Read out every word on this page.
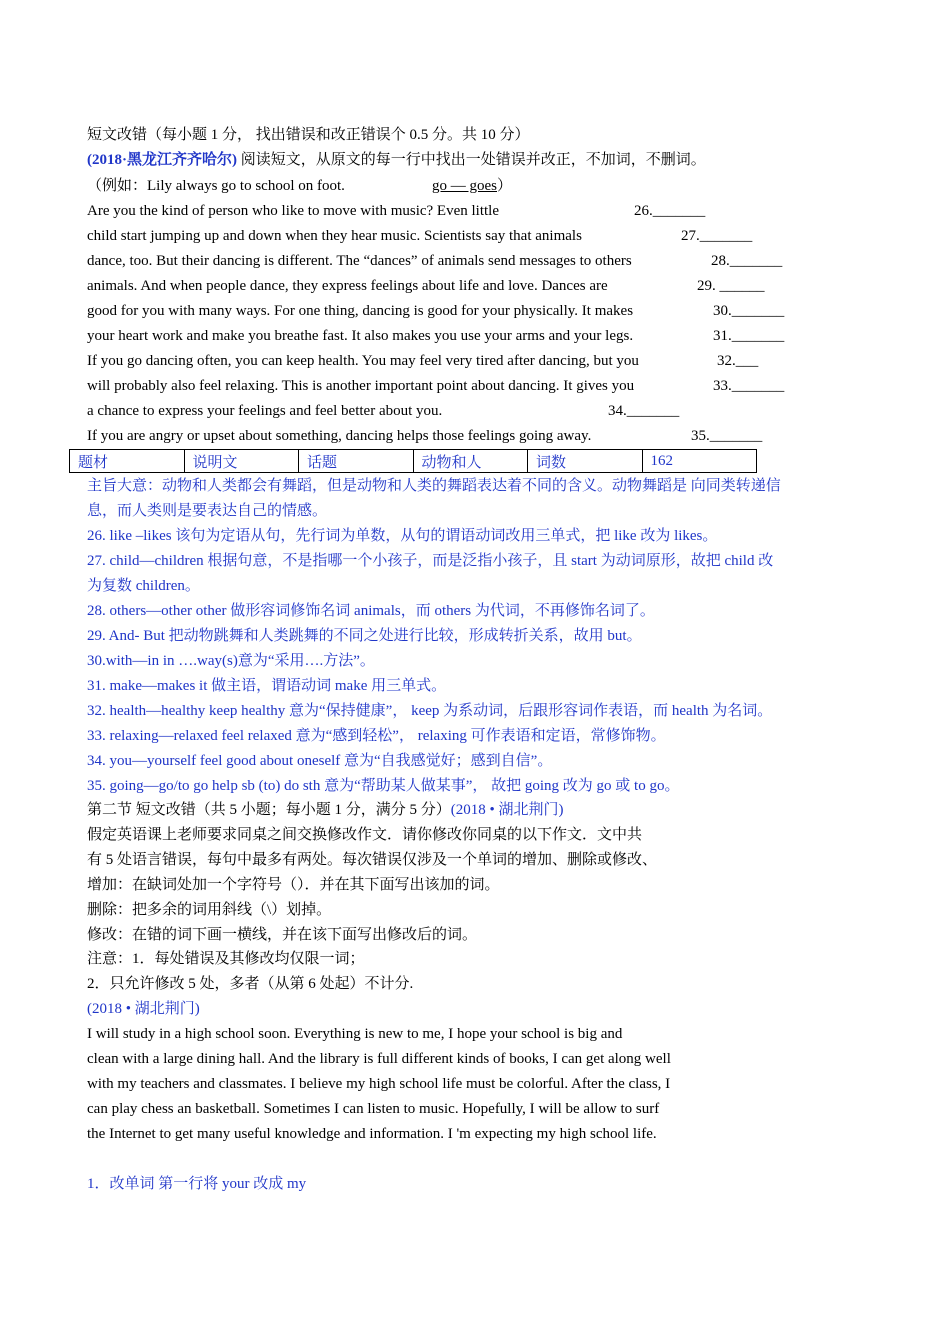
短文改错（每小题 1 分， 找出错误和改正错误个 0.5 分。共 10 分）
(2018·黑龙江齐齐哈尔) 阅读短文，从原文的每一行中找出一处错误并改正，不加词，不删词。
（例如：Lily always go to school on foot.	go — goes）
Are you the kind of person who like to move with music? Even little	26._______
child start jumping up and down when they hear music. Scientists say that animals	27._______
dance, too. But their dancing is different. The “dances” of animals send messages to others	28._______
animals. And when people dance, they express feelings about life and love. Dances are	29. ______
good for you with many ways. For one thing, dancing is good for your physically. It makes	30._______
your heart work and make you breathe fast. It also makes you use your arms and your legs.	31._______
If you go dancing often, you can keep health. You may feel very tired after dancing, but you	32.___
will probably also feel relaxing. This is another important point about dancing. It gives you	33._______
a chance to express your feelings and feel better about you.	34._______
If you are angry or upset about something, dancing helps those feelings going away.	35._______
题材	说明文	话题	动物和人	词数	162
主旨大意：动物和人类都会有舞蹈，但是动物和人类的舞蹈表达着不同的含义。动物舞蹈是 向同类转递信
息，而人类则是要表达自己的情感。
26. like –likes 该句为定语从句，先行词为单数，从句的谓语动词改用三单式，把 like 改为 likes。
27. child—children 根据句意，不是指哪一个小孩子，而是泛指小孩子，且 start 为动词原形，故把 child 改
为复数 children。
28. others—other other 做形容词修饰名词 animals，而 others 为代词，不再修饰名词了。
29. And- But 把动物跳舞和人类跳舞的不同之处进行比较，形成转折关系，故用 but。
30.with—in in ….way(s)意为“采用….方法”。
31. make—makes it 做主语，谓语动词 make 用三单式。
32. health—healthy keep healthy 意为“保持健康”， keep 为系动词，后跟形容词作表语，而 health 为名词。
33. relaxing—relaxed feel relaxed 意为“感到轻松”， relaxing 可作表语和定语，常修饰物。
34. you—yourself feel good about oneself 意为“自我感觉好；感到自信”。
35. going—go/to go help sb (to) do sth 意为“帮助某人做某事”， 故把 going 改为 go 或 to go。
第二节 短文改错（共 5 小题；每小题 1 分，满分 5 分）(2018 • 湖北荆门)
假定英语课上老师要求同桌之间交换修改作文．请你修改你同桌的以下作文．文中共
有 5 处语言错误，每句中最多有两处。每次错误仅涉及一个单词的增加、删除或修改、
增加：在缺词处加一个字符号（）．并在其下面写出该加的词。
删除：把多余的词用斜线（\）划掉。
修改：在错的词下画一横线，并在该下面写出修改后的词。
注意：1．每处错误及其修改均仅限一词；
2．只允许修改 5 处，多者（从第 6 处起）不计分.
(2018 • 湖北荆门)
I will study in a high school soon. Everything is new to me, I hope your school is big and
clean with a large dining hall. And the library is full different kinds of books, I can get along well
with my teachers and classmates. I believe my high school life must be colorful. After the class, I
can play chess an basketball. Sometimes I can listen to music. Hopefully, I will be allow to surf
the Internet to get many useful knowledge and information. I 'm expecting my high school life.
1．改单词 第一行将 your 改成 my
